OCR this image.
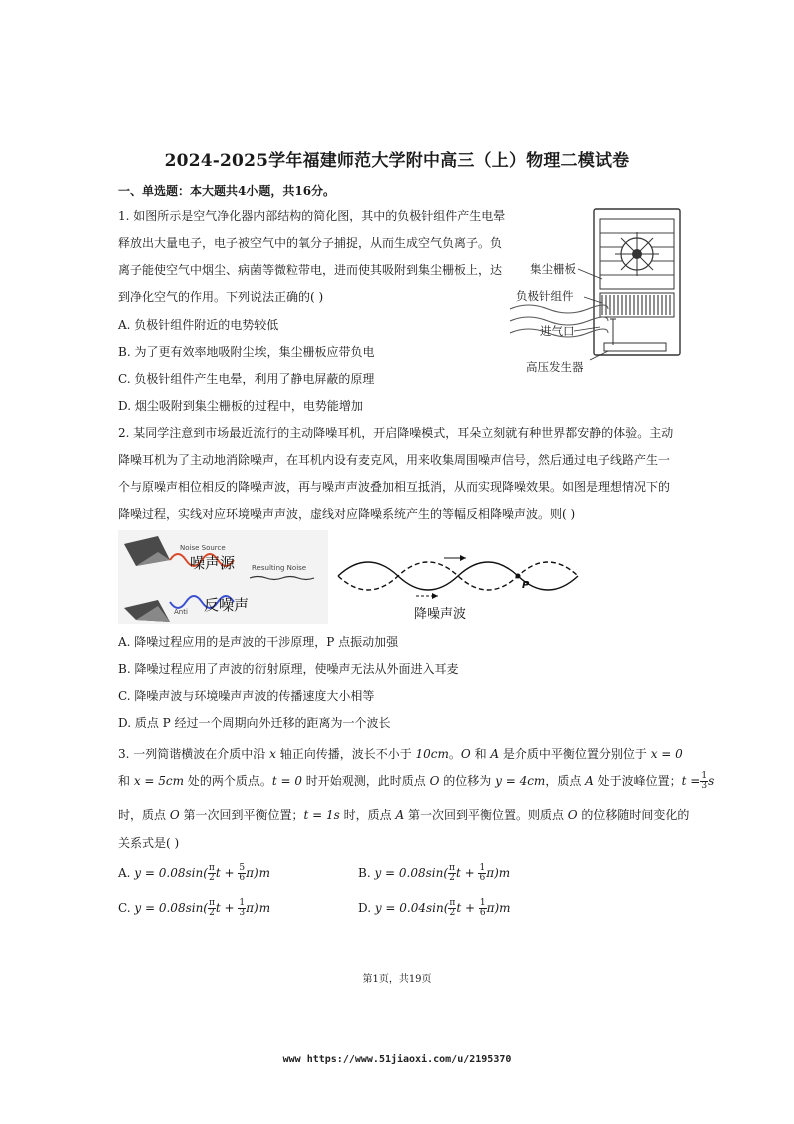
2024-2025学年福建师范大学附中高三（上）物理二模试卷
一、单选题：本大题共4小题，共16分。
1. 如图所示是空气净化器内部结构的简化图，其中的负极针组件产生电晕
释放出大量电子，电子被空气中的氧分子捕捉，从而生成空气负离子。负
离子能使空气中烟尘、病菌等微粒带电，进而使其吸附到集尘栅板上，达
到净化空气的作用。下列说法正确的( )
A. 负极针组件附近的电势较低
B. 为了更有效率地吸附尘埃，集尘栅板应带负电
C. 负极针组件产生电晕，利用了静电屏蔽的原理
D. 烟尘吸附到集尘栅板的过程中，电势能增加
集尘栅板
负极针组件
进气口
高压发生器
2. 某同学注意到市场最近流行的主动降噪耳机，开启降噪模式，耳朵立刻就有种世界都安静的体验。主动
降噪耳机为了主动地消除噪声，在耳机内设有麦克风，用来收集周围噪声信号，然后通过电子线路产生一
个与原噪声相位相反的降噪声波，再与噪声声波叠加相互抵消，从而实现降噪效果。如图是理想情况下的
降噪过程，实线对应环境噪声声波，虚线对应降噪系统产生的等幅反相降噪声波。则( )
Noise Source
噪声源 Resulting Noise
Anti 反噪声
P
降噪声波
A. 降噪过程应用的是声波的干涉原理，P 点振动加强
B. 降噪过程应用了声波的衍射原理，使噪声无法从外面进入耳麦
C. 降噪声波与环境噪声声波的传播速度大小相等
D. 质点 P 经过一个周期向外迁移的距离为一个波长
3. 一列简谐横波在介质中沿 x 轴正向传播，波长不小于 10cm。O 和 A 是介质中平衡位置分别位于 x = 0
和 x = 5cm 处的两个质点。t = 0 时开始观测，此时质点 O 的位移为 y = 4cm，质点 A 处于波峰位置；$t = \frac{1}{3}$ s
时，质点 O 第一次回到平衡位置；t = 1s 时，质点 A 第一次回到平衡位置。则质点 O 的位移随时间变化的
关系式是( )
A. $y = 0.08\sin( \frac{\pi}{2}$ $t + \frac{5}{6} \pi)m$	B. $y = 0.08\sin( \frac{\pi}{2}$ $t + \frac{1}{6} \pi)m$
C. $y = 0.08\sin( \frac{\pi}{2}$ $t + \frac{1}{3} \pi)m$	D. $y = 0.04\sin( \frac{\pi}{2}$ $t + \frac{1}{6} \pi)m$
第1页，共19页
www https://www.51jiaoxi.com/u/2195370
